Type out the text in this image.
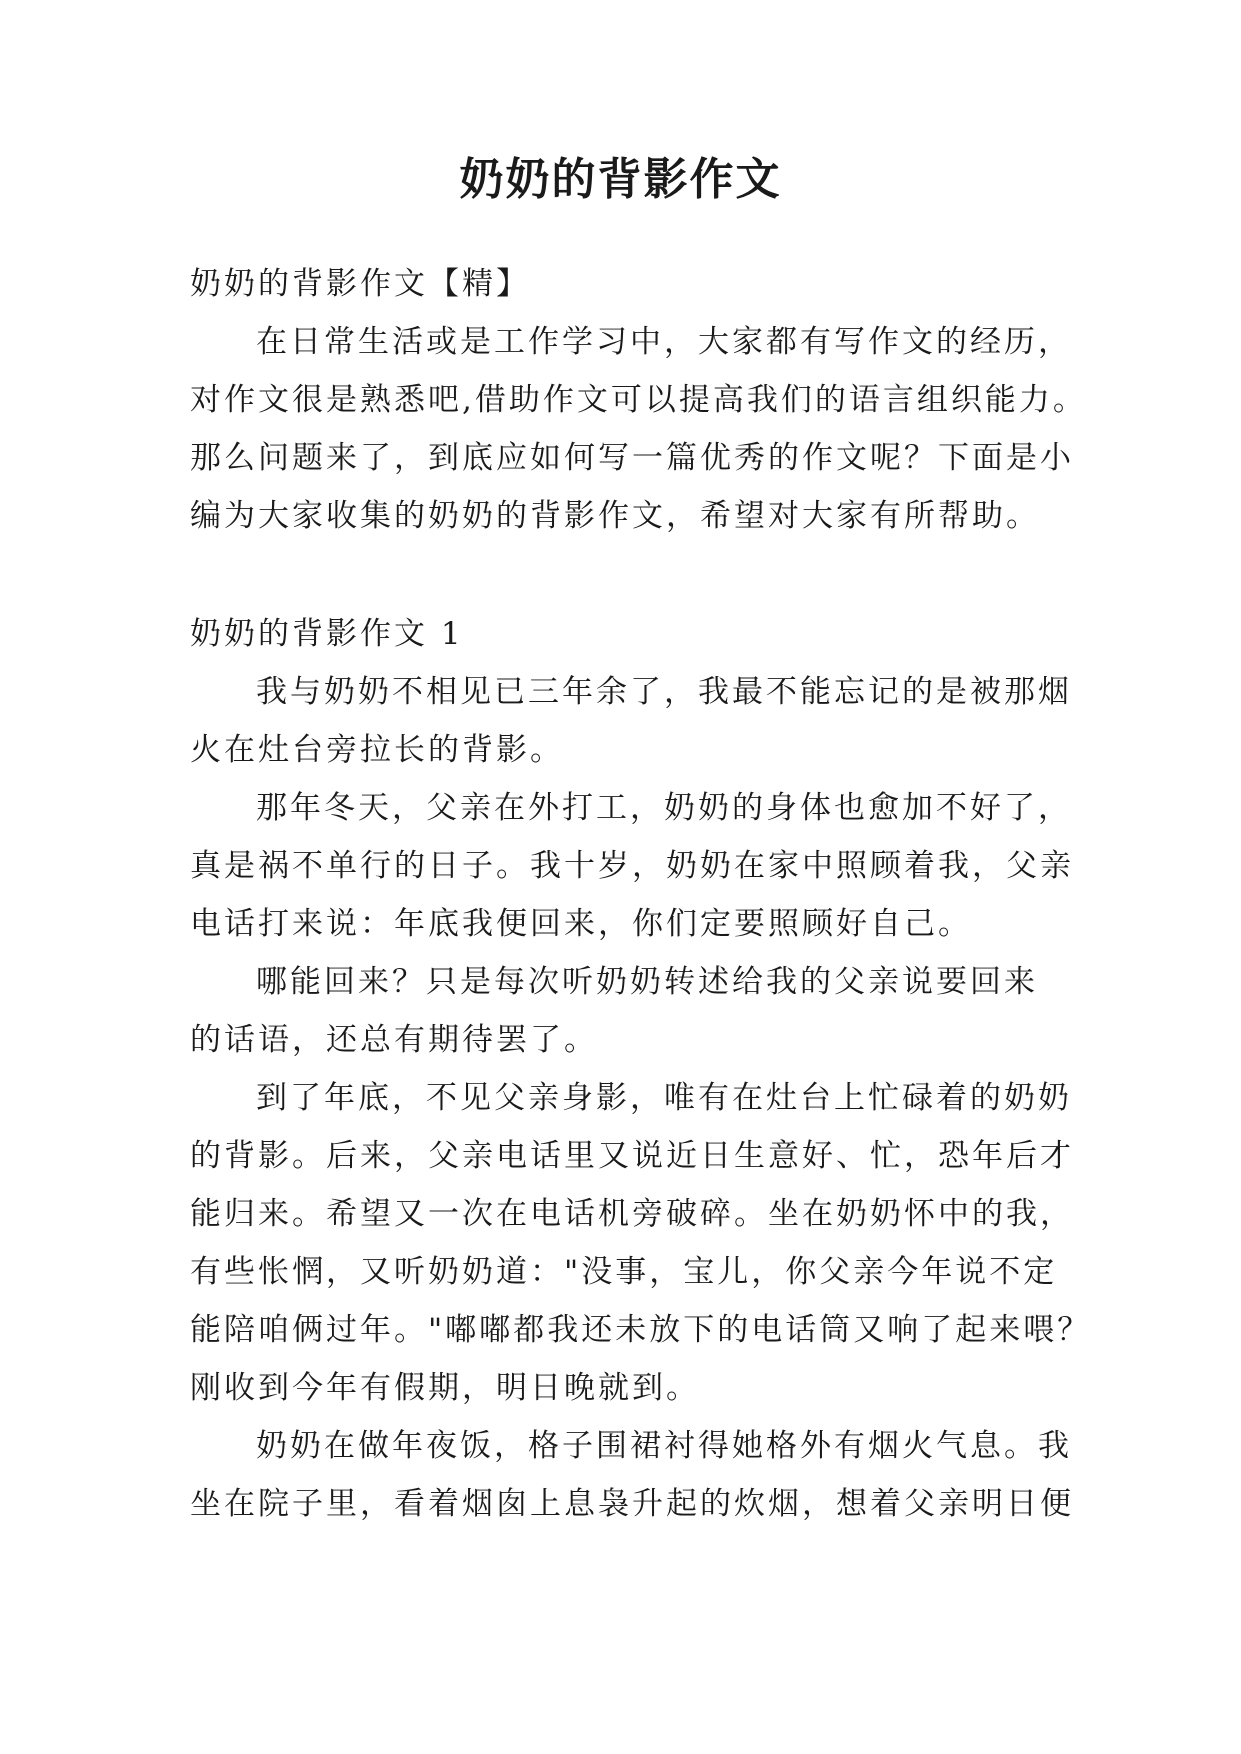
奶奶的背影作文
奶奶的背影作文【精】
在日常生活或是工作学习中，大家都有写作文的经历，
对作文很是熟悉吧,借助作文可以提高我们的语言组织能力。
那么问题来了，到底应如何写一篇优秀的作文呢？下面是小
编为大家收集的奶奶的背影作文，希望对大家有所帮助。
奶奶的背影作文 1
我与奶奶不相见已三年余了，我最不能忘记的是被那烟
火在灶台旁拉长的背影。
那年冬天，父亲在外打工，奶奶的身体也愈加不好了，
真是祸不单行的日子。我十岁，奶奶在家中照顾着我，父亲
电话打来说：年底我便回来，你们定要照顾好自己。
哪能回来？只是每次听奶奶转述给我的父亲说要回来
的话语，还总有期待罢了。
到了年底，不见父亲身影，唯有在灶台上忙碌着的奶奶
的背影。后来，父亲电话里又说近日生意好、忙，恐年后才
能归来。希望又一次在电话机旁破碎。坐在奶奶怀中的我，
有些怅惘，又听奶奶道："没事，宝儿，你父亲今年说不定
能陪咱俩过年。"嘟嘟都我还未放下的电话筒又响了起来喂？
刚收到今年有假期，明日晚就到。
奶奶在做年夜饭，格子围裙衬得她格外有烟火气息。我
坐在院子里，看着烟囱上息袅升起的炊烟，想着父亲明日便
